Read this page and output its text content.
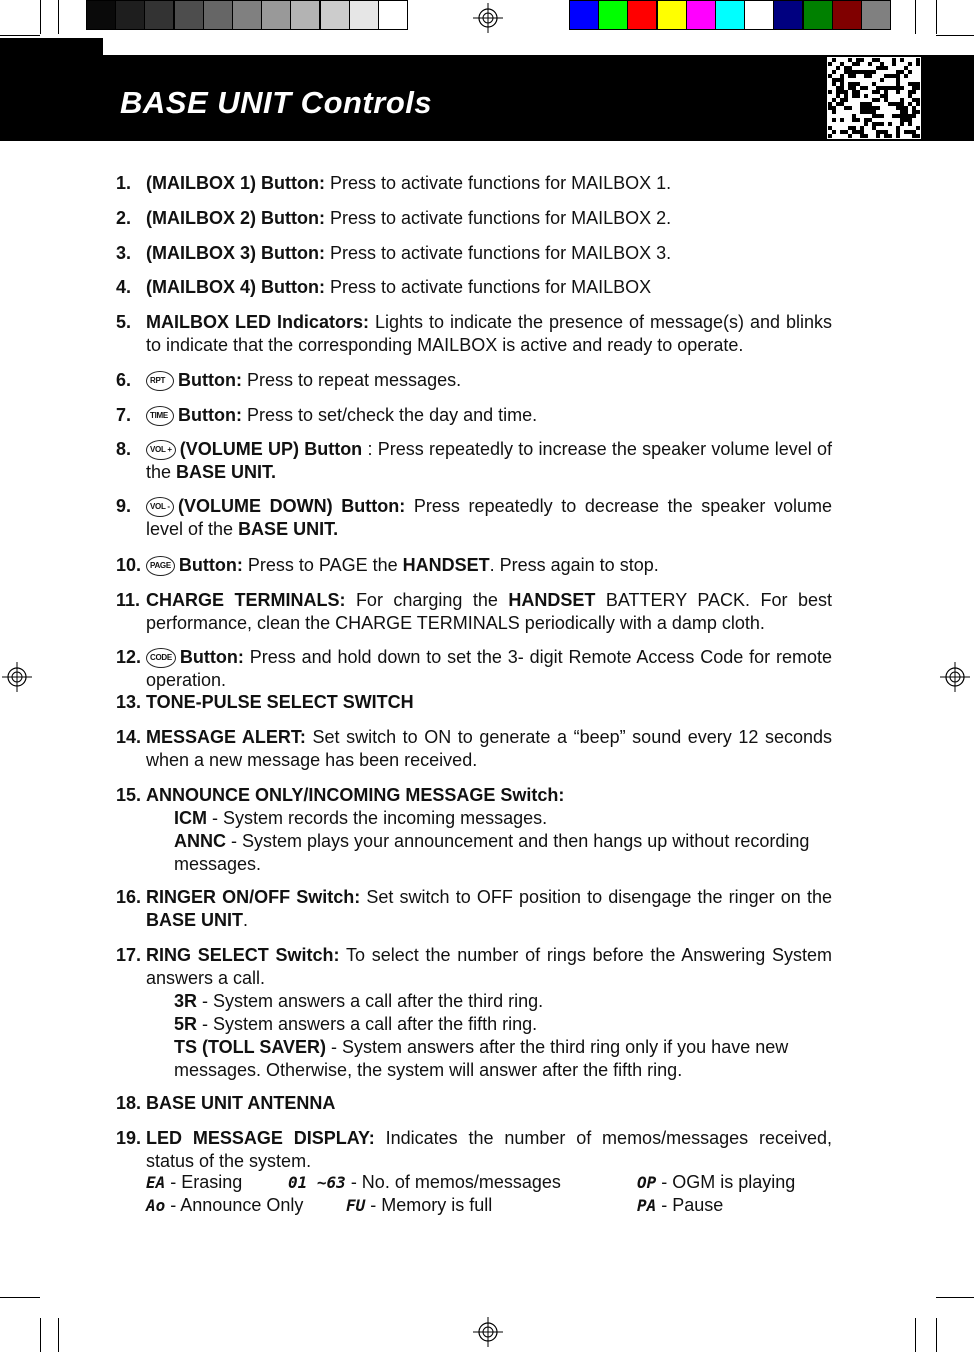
BASE UNIT Controls
1. (MAILBOX 1) Button: Press to activate functions for MAILBOX 1.
2. (MAILBOX 2) Button: Press to activate functions for MAILBOX 2.
3. (MAILBOX 3) Button: Press to activate functions for MAILBOX 3.
4. (MAILBOX 4) Button: Press to activate functions for MAILBOX
5. MAILBOX LED Indicators: Lights to indicate the presence of message(s) and blinks to indicate that the corresponding MAILBOX is active and ready to operate.
6.	RPT Button: Press to repeat messages.
7.	TIME Button: Press to set/check the day and time.
8.	VOL + (VOLUME UP) Button : Press repeatedly to increase the speaker volume level of the BASE UNIT.
9.	VOL - (VOLUME DOWN) Button: Press repeatedly to decrease the speaker volume level of the BASE UNIT.
10.	PAGE Button: Press to PAGE the HANDSET. Press again to stop.
11. CHARGE TERMINALS: For charging the HANDSET BATTERY PACK. For best performance, clean the CHARGE TERMINALS periodically with a damp cloth.
12.	CODE Button: Press and hold down to set the 3- digit Remote Access Code for remote operation.
13. TONE-PULSE SELECT SWITCH
14. MESSAGE ALERT: Set switch to ON to generate a “beep” sound every 12 seconds when a new message has been received.
15. ANNOUNCE ONLY/INCOMING MESSAGE Switch:
ICM - System records the incoming messages.
ANNC - System plays your announcement and then hangs up without recording messages.
16. RINGER ON/OFF Switch: Set switch to OFF position to disengage the ringer on the BASE UNIT.
17. RING SELECT Switch: To select the number of rings before the Answering System answers a call.
3R - System answers a call after the third ring.
5R - System answers a call after the fifth ring.
TS (TOLL SAVER) - System answers after the third ring only if you have new messages. Otherwise, the system will answer after the fifth ring.
18. BASE UNIT ANTENNA
19. LED MESSAGE DISPLAY: Indicates the number of memos/messages received, status of the system.
EA - Erasing	01 ~63 - No. of memos/messages	OP - OGM is playing
Ao - Announce Only	FU - Memory is full	PA - Pause
